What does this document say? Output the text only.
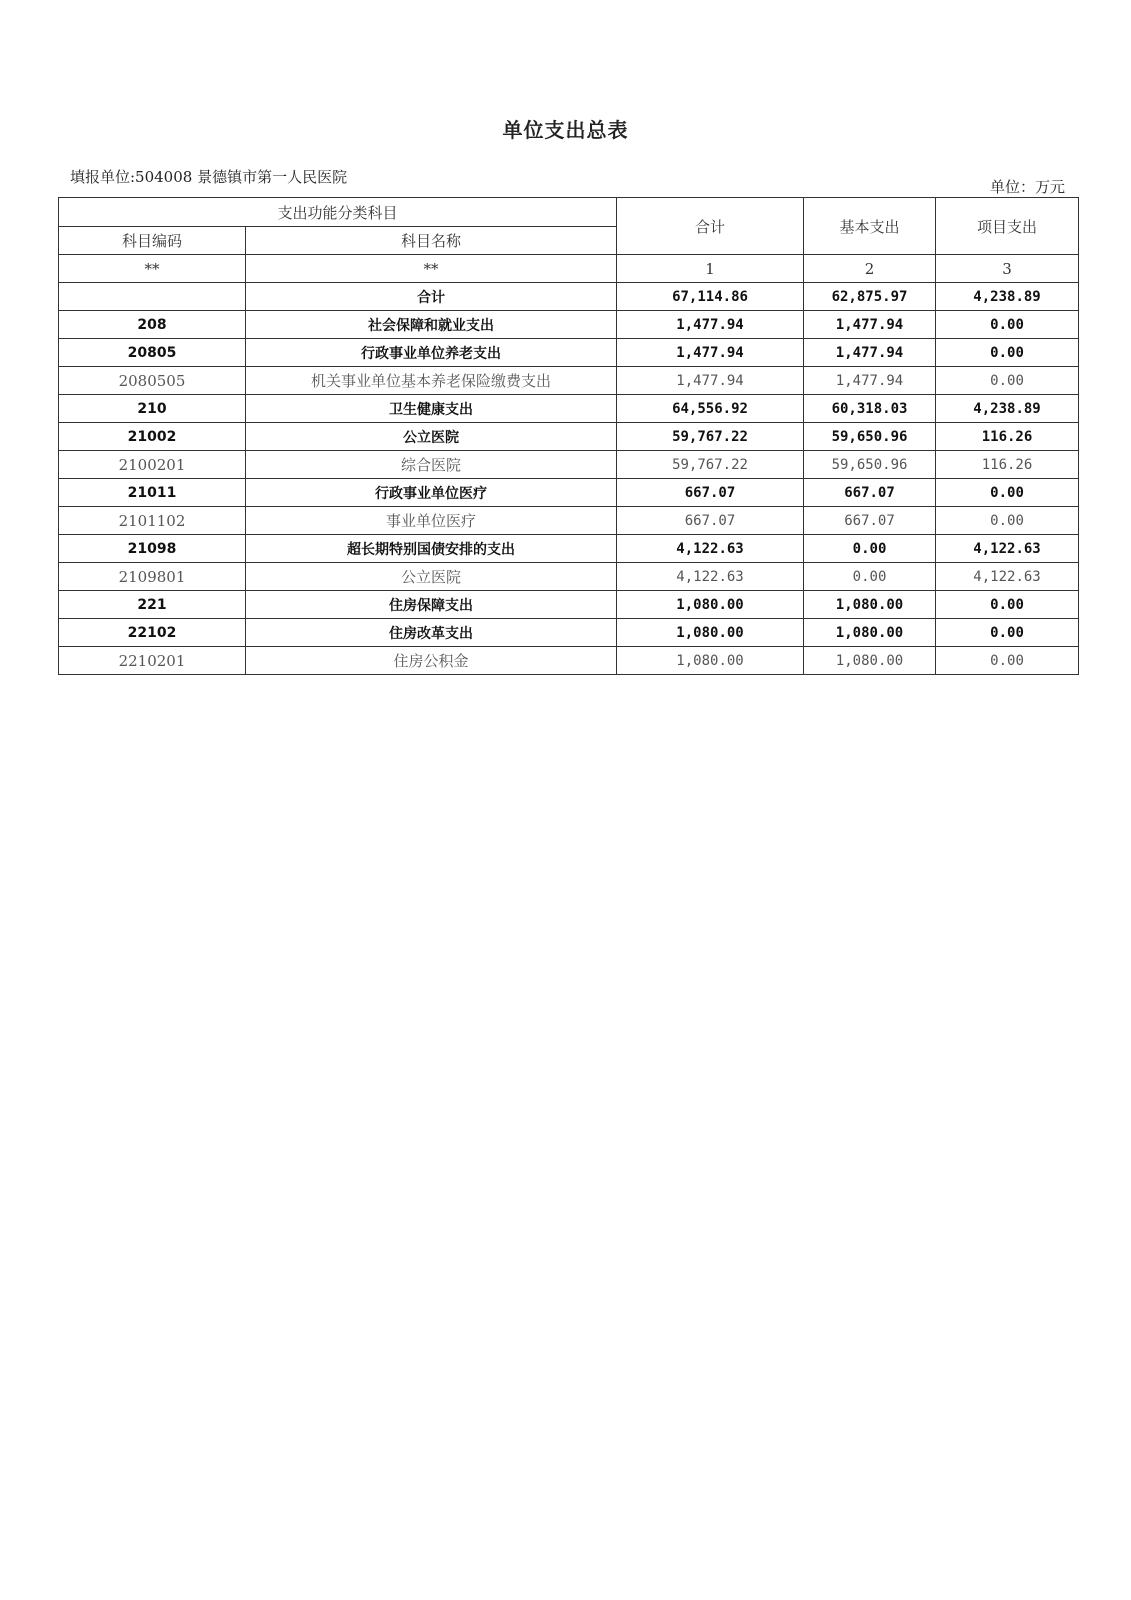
单位支出总表
填报单位:504008 景德镇市第一人民医院
单位：万元
支出功能分类科目		合计	基本支出	项目支出
科目编码	科目名称			
**	**	1	2	3
	合计	67,114.86	62,875.97	4,238.89
208	社会保障和就业支出	1,477.94	1,477.94	0.00
20805	行政事业单位养老支出	1,477.94	1,477.94	0.00
2080505	机关事业单位基本养老保险缴费支出	1,477.94	1,477.94	0.00
210	卫生健康支出	64,556.92	60,318.03	4,238.89
21002	公立医院	59,767.22	59,650.96	116.26
2100201	综合医院	59,767.22	59,650.96	116.26
21011	行政事业单位医疗	667.07	667.07	0.00
2101102	事业单位医疗	667.07	667.07	0.00
21098	超长期特别国债安排的支出	4,122.63	0.00	4,122.63
2109801	公立医院	4,122.63	0.00	4,122.63
221	住房保障支出	1,080.00	1,080.00	0.00
22102	住房改革支出	1,080.00	1,080.00	0.00
2210201	住房公积金	1,080.00	1,080.00	0.00
